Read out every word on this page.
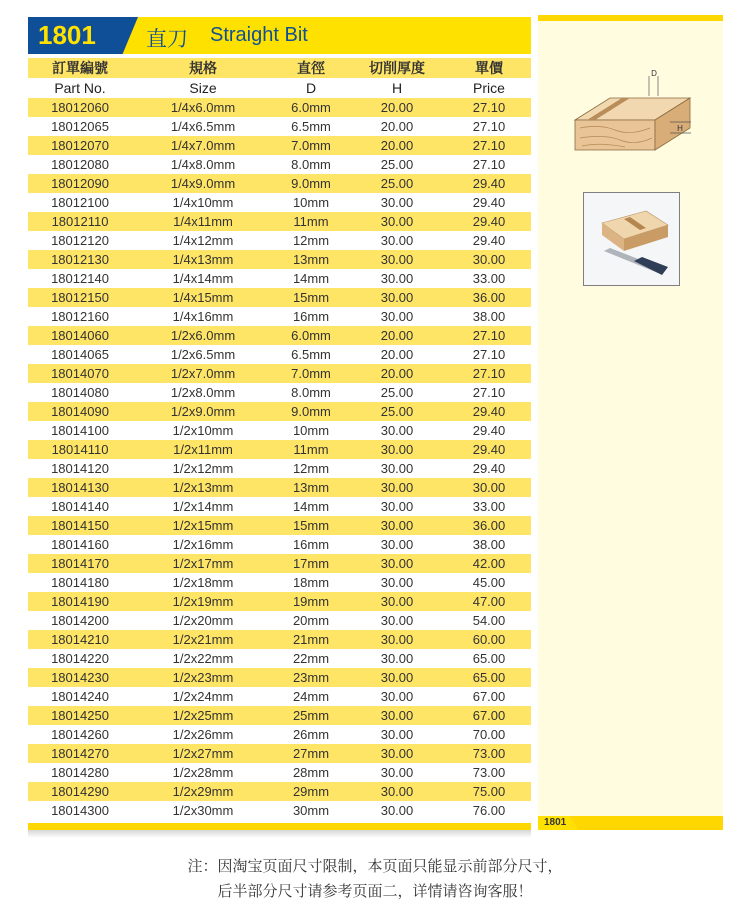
1801 直刀 Straight Bit
訂單編號	規格	直徑	切削厚度	單價
Part No.	Size	D	H	Price
18012060	1/4x6.0mm	6.0mm	20.00	27.10
18012065	1/4x6.5mm	6.5mm	20.00	27.10
18012070	1/4x7.0mm	7.0mm	20.00	27.10
18012080	1/4x8.0mm	8.0mm	25.00	27.10
18012090	1/4x9.0mm	9.0mm	25.00	29.40
18012100	1/4x10mm	10mm	30.00	29.40
18012110	1/4x11mm	11mm	30.00	29.40
18012120	1/4x12mm	12mm	30.00	29.40
18012130	1/4x13mm	13mm	30.00	30.00
18012140	1/4x14mm	14mm	30.00	33.00
18012150	1/4x15mm	15mm	30.00	36.00
18012160	1/4x16mm	16mm	30.00	38.00
18014060	1/2x6.0mm	6.0mm	20.00	27.10
18014065	1/2x6.5mm	6.5mm	20.00	27.10
18014070	1/2x7.0mm	7.0mm	20.00	27.10
18014080	1/2x8.0mm	8.0mm	25.00	27.10
18014090	1/2x9.0mm	9.0mm	25.00	29.40
18014100	1/2x10mm	10mm	30.00	29.40
18014110	1/2x11mm	11mm	30.00	29.40
18014120	1/2x12mm	12mm	30.00	29.40
18014130	1/2x13mm	13mm	30.00	30.00
18014140	1/2x14mm	14mm	30.00	33.00
18014150	1/2x15mm	15mm	30.00	36.00
18014160	1/2x16mm	16mm	30.00	38.00
18014170	1/2x17mm	17mm	30.00	42.00
18014180	1/2x18mm	18mm	30.00	45.00
18014190	1/2x19mm	19mm	30.00	47.00
18014200	1/2x20mm	20mm	30.00	54.00
18014210	1/2x21mm	21mm	30.00	60.00
18014220	1/2x22mm	22mm	30.00	65.00
18014230	1/2x23mm	23mm	30.00	65.00
18014240	1/2x24mm	24mm	30.00	67.00
18014250	1/2x25mm	25mm	30.00	67.00
18014260	1/2x26mm	26mm	30.00	70.00
18014270	1/2x27mm	27mm	30.00	73.00
18014280	1/2x28mm	28mm	30.00	73.00
18014290	1/2x29mm	29mm	30.00	75.00
18014300	1/2x30mm	30mm	30.00	76.00
D
H
1801
注：因淘宝页面尺寸限制，本页面只能显示前部分尺寸，
后半部分尺寸请参考页面二，详情请咨询客服！
